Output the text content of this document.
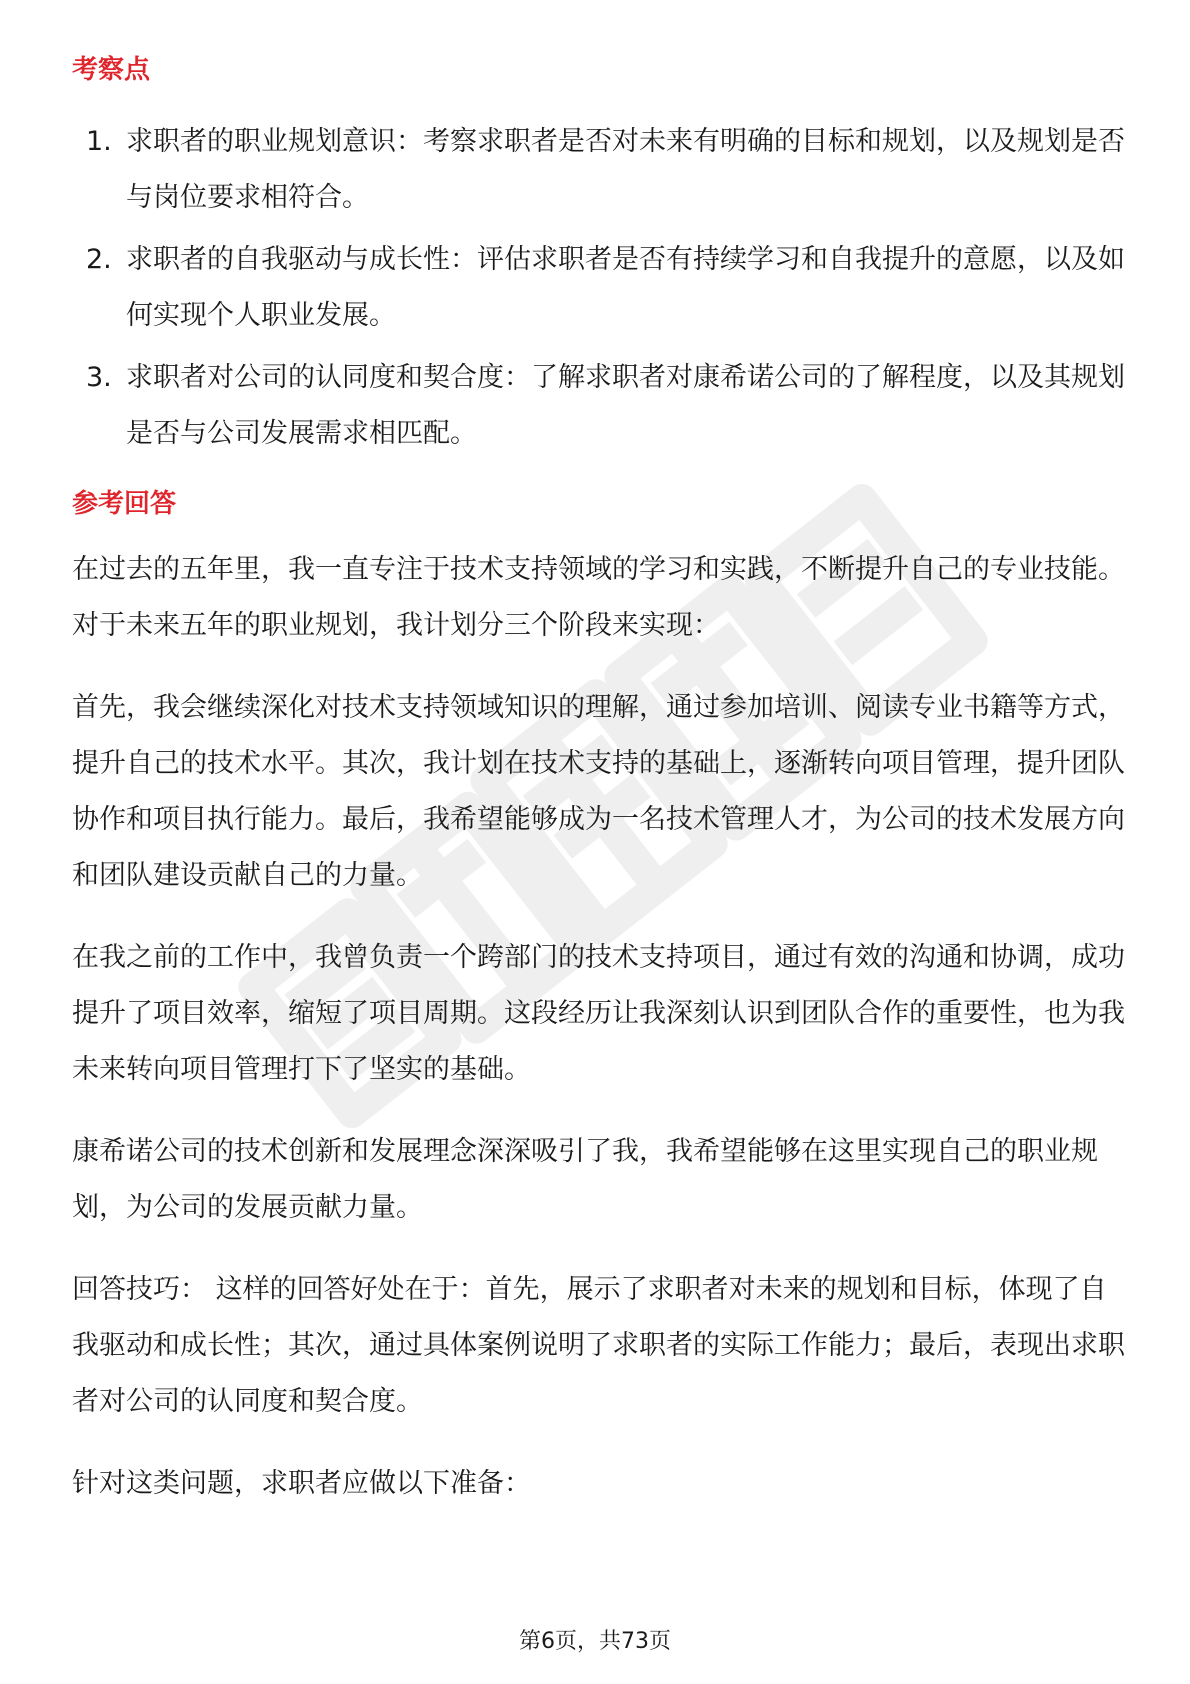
考察点
1. 求职者的职业规划意识：考察求职者是否对未来有明确的目标和规划，以及规划是否与岗位要求相符合。
2. 求职者的自我驱动与成长性：评估求职者是否有持续学习和自我提升的意愿，以及如何实现个人职业发展。
3. 求职者对公司的认同度和契合度：了解求职者对康希诺公司的了解程度，以及其规划是否与公司发展需求相匹配。
参考回答

在过去的五年里，我一直专注于技术支持领域的学习和实践，不断提升自己的专业技能。对于未来五年的职业规划，我计划分三个阶段来实现：

首先，我会继续深化对技术支持领域知识的理解，通过参加培训、阅读专业书籍等方式，提升自己的技术水平。其次，我计划在技术支持的基础上，逐渐转向项目管理，提升团队协作和项目执行能力。最后，我希望能够成为一名技术管理人才，为公司的技术发展方向和团队建设贡献自己的力量。

在我之前的工作中，我曾负责一个跨部门的技术支持项目，通过有效的沟通和协调，成功提升了项目效率，缩短了项目周期。这段经历让我深刻认识到团队合作的重要性，也为我未来转向项目管理打下了坚实的基础。

康希诺公司的技术创新和发展理念深深吸引了我，我希望能够在这里实现自己的职业规划，为公司的发展贡献力量。

回答技巧： 这样的回答好处在于：首先，展示了求职者对未来的规划和目标，体现了自我驱动和成长性；其次，通过具体案例说明了求职者的实际工作能力；最后，表现出求职者对公司的认同度和契合度。

针对这类问题，求职者应做以下准备：

第6页，共73页
